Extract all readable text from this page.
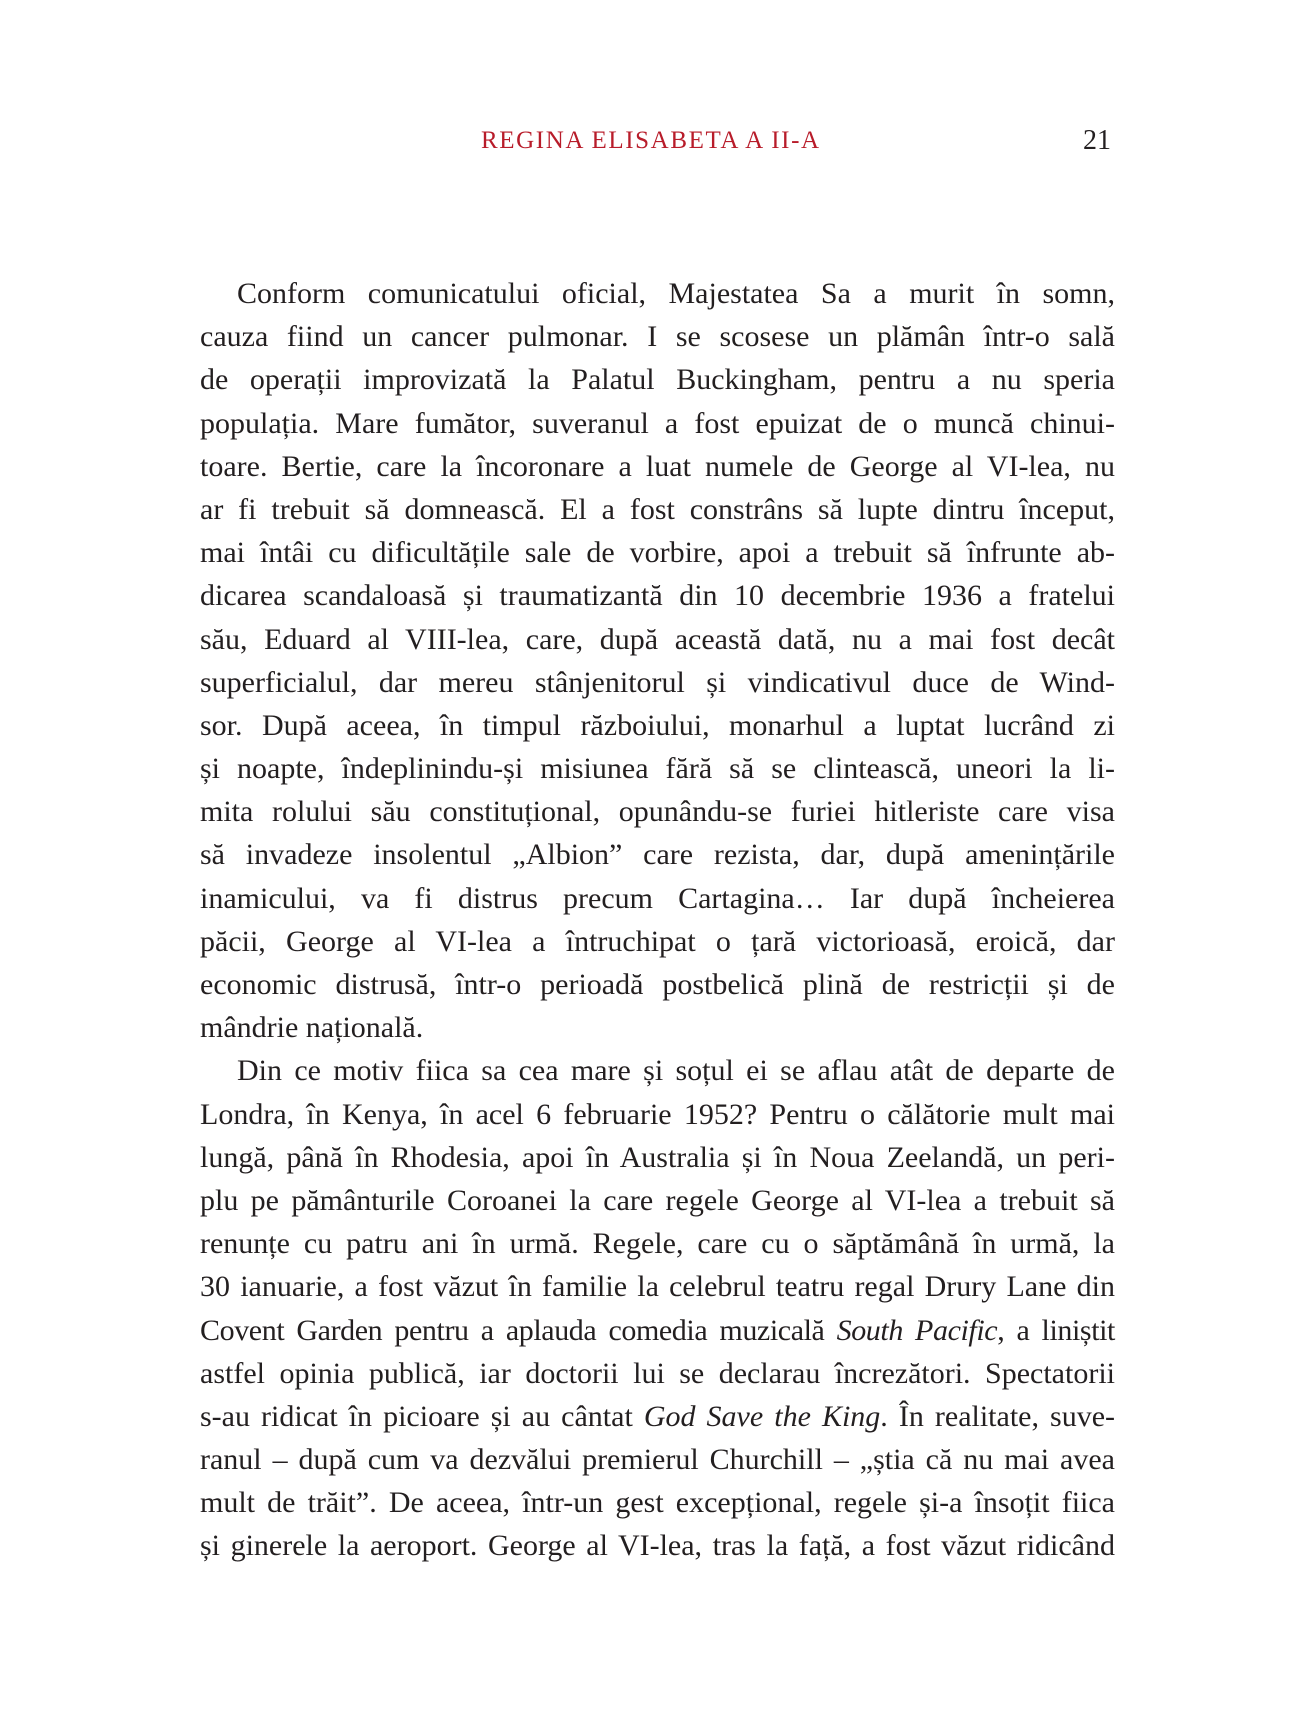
REGINA ELISABETA A II-A	21
Conform comunicatului oficial, Majestatea Sa a murit în somn,
cauza fiind un cancer pulmonar. I se scosese un plămân într-o sală
de operații improvizată la Palatul Buckingham, pentru a nu speria
populația. Mare fumător, suveranul a fost epuizat de o muncă chinui-
toare. Bertie, care la încoronare a luat numele de George al VI-lea, nu
ar fi trebuit să domnească. El a fost constrâns să lupte dintru început,
mai întâi cu dificultățile sale de vorbire, apoi a trebuit să înfrunte ab-
dicarea scandaloasă și traumatizantă din 10 decembrie 1936 a fratelui
său, Eduard al VIII-lea, care, după această dată, nu a mai fost decât
superficialul, dar mereu stânjenitorul și vindicativul duce de Wind-
sor. După aceea, în timpul războiului, monarhul a luptat lucrând zi
și noapte, îndeplinindu-și misiunea fără să se clintească, uneori la li-
mita rolului său constituțional, opunându-se furiei hitleriste care visa
să invadeze insolentul „Albion” care rezista, dar, după amenințările
inamicului, va fi distrus precum Cartagina… Iar după încheierea
păcii, George al VI-lea a întruchipat o țară victorioasă, eroică, dar
economic distrusă, într-o perioadă postbelică plină de restricții și de
mândrie națională.
Din ce motiv fiica sa cea mare și soțul ei se aflau atât de departe de
Londra, în Kenya, în acel 6 februarie 1952? Pentru o călătorie mult mai
lungă, până în Rhodesia, apoi în Australia și în Noua Zeelandă, un peri-
plu pe pământurile Coroanei la care regele George al VI-lea a trebuit să
renunțe cu patru ani în urmă. Regele, care cu o săptămână în urmă, la
30 ianuarie, a fost văzut în familie la celebrul teatru regal Drury Lane din
Covent Garden pentru a aplauda comedia muzicală South Pacific, a liniștit
astfel opinia publică, iar doctorii lui se declarau încrezători. Spectatorii
s-au ridicat în picioare și au cântat God Save the King. În realitate, suve-
ranul – după cum va dezvălui premierul Churchill – „știa că nu mai avea
mult de trăit”. De aceea, într-un gest excepțional, regele și-a însoțit fiica
și ginerele la aeroport. George al VI-lea, tras la față, a fost văzut ridicând
